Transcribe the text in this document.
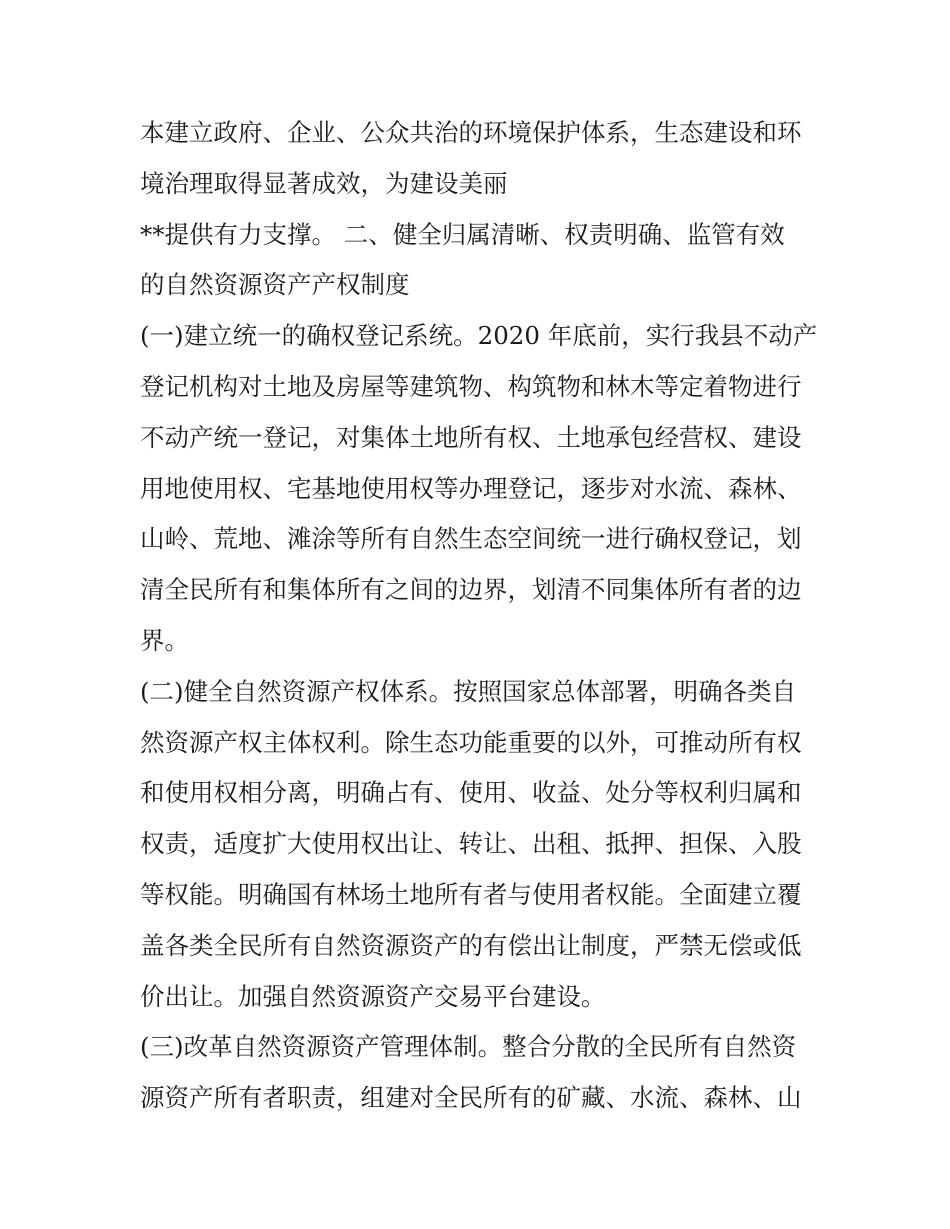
本建立政府、企业、公众共治的环境保护体系，生态建设和环
境治理取得显著成效，为建设美丽
**提供有力支撑。 二、健全归属清晰、权责明确、监管有效
的自然资源资产产权制度
(一)建立统一的确权登记系统。2020 年底前，实行我县不动产
登记机构对土地及房屋等建筑物、构筑物和林木等定着物进行
不动产统一登记，对集体土地所有权、土地承包经营权、建设
用地使用权、宅基地使用权等办理登记，逐步对水流、森林、
山岭、荒地、滩涂等所有自然生态空间统一进行确权登记，划
清全民所有和集体所有之间的边界，划清不同集体所有者的边
界。
(二)健全自然资源产权体系。按照国家总体部署，明确各类自
然资源产权主体权利。除生态功能重要的以外，可推动所有权
和使用权相分离，明确占有、使用、收益、处分等权利归属和
权责，适度扩大使用权出让、转让、出租、抵押、担保、入股
等权能。明确国有林场土地所有者与使用者权能。全面建立覆
盖各类全民所有自然资源资产的有偿出让制度，严禁无偿或低
价出让。加强自然资源资产交易平台建设。
(三)改革自然资源资产管理体制。整合分散的全民所有自然资
源资产所有者职责，组建对全民所有的矿藏、水流、森林、山
